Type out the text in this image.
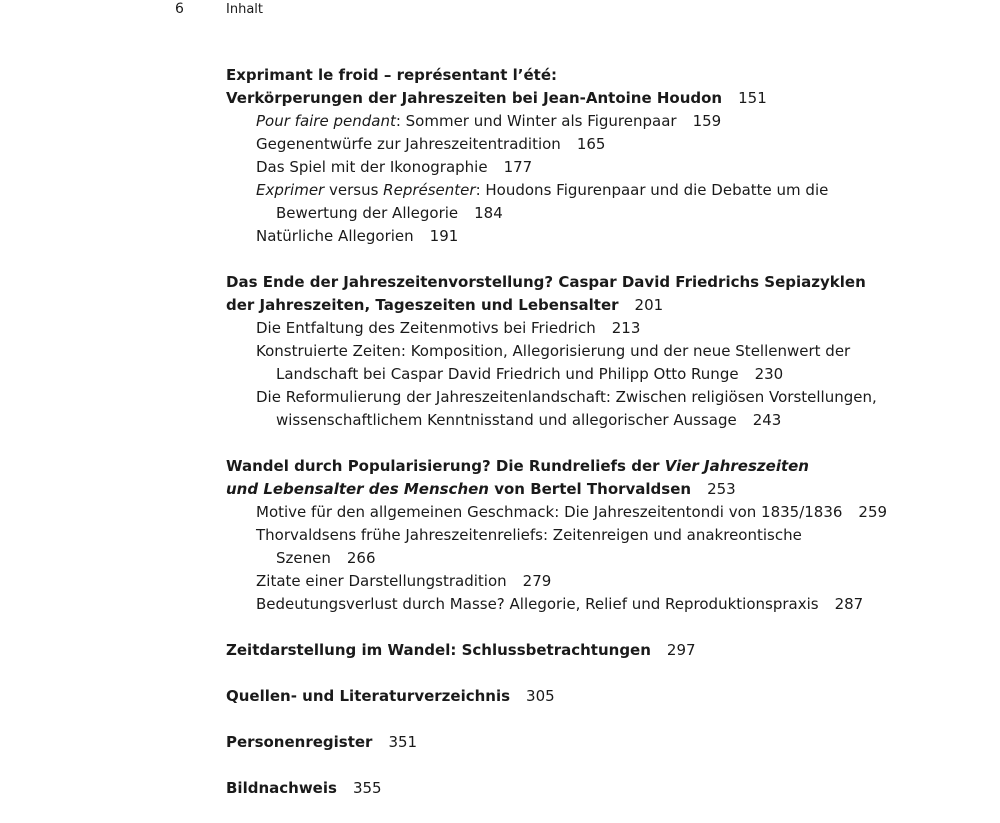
6	Inhalt
Exprimant le froid – représentant l’été:
Verkörperungen der Jahreszeiten bei Jean-Antoine Houdon 151
Pour faire pendant: Sommer und Winter als Figurenpaar 159
Gegenentwürfe zur Jahreszeitentradition 165
Das Spiel mit der Ikonographie 177
Exprimer versus Représenter: Houdons Figurenpaar und die Debatte um die
Bewertung der Allegorie 184
Natürliche Allegorien 191
Das Ende der Jahreszeitenvorstellung? Caspar David Friedrichs Sepiazyklen
der Jahreszeiten, Tageszeiten und Lebensalter 201
Die Entfaltung des Zeitenmotivs bei Friedrich 213
Konstruierte Zeiten: Komposition, Allegorisierung und der neue Stellenwert der
Landschaft bei Caspar David Friedrich und Philipp Otto Runge 230
Die Reformulierung der Jahreszeitenlandschaft: Zwischen religiösen Vorstellungen,
wissenschaftlichem Kenntnisstand und allegorischer Aussage 243
Wandel durch Popularisierung? Die Rundreliefs der Vier Jahreszeiten
und Lebensalter des Menschen von Bertel Thorvaldsen 253
Motive für den allgemeinen Geschmack: Die Jahreszeitentondi von 1835/1836 259
Thorvaldsens frühe Jahreszeitenreliefs: Zeitenreigen und anakreontische
Szenen 266
Zitate einer Darstellungstradition 279
Bedeutungsverlust durch Masse? Allegorie, Relief und Reproduktionspraxis 287
Zeitdarstellung im Wandel: Schlussbetrachtungen 297
Quellen- und Literaturverzeichnis 305
Personenregister 351
Bildnachweis 355
